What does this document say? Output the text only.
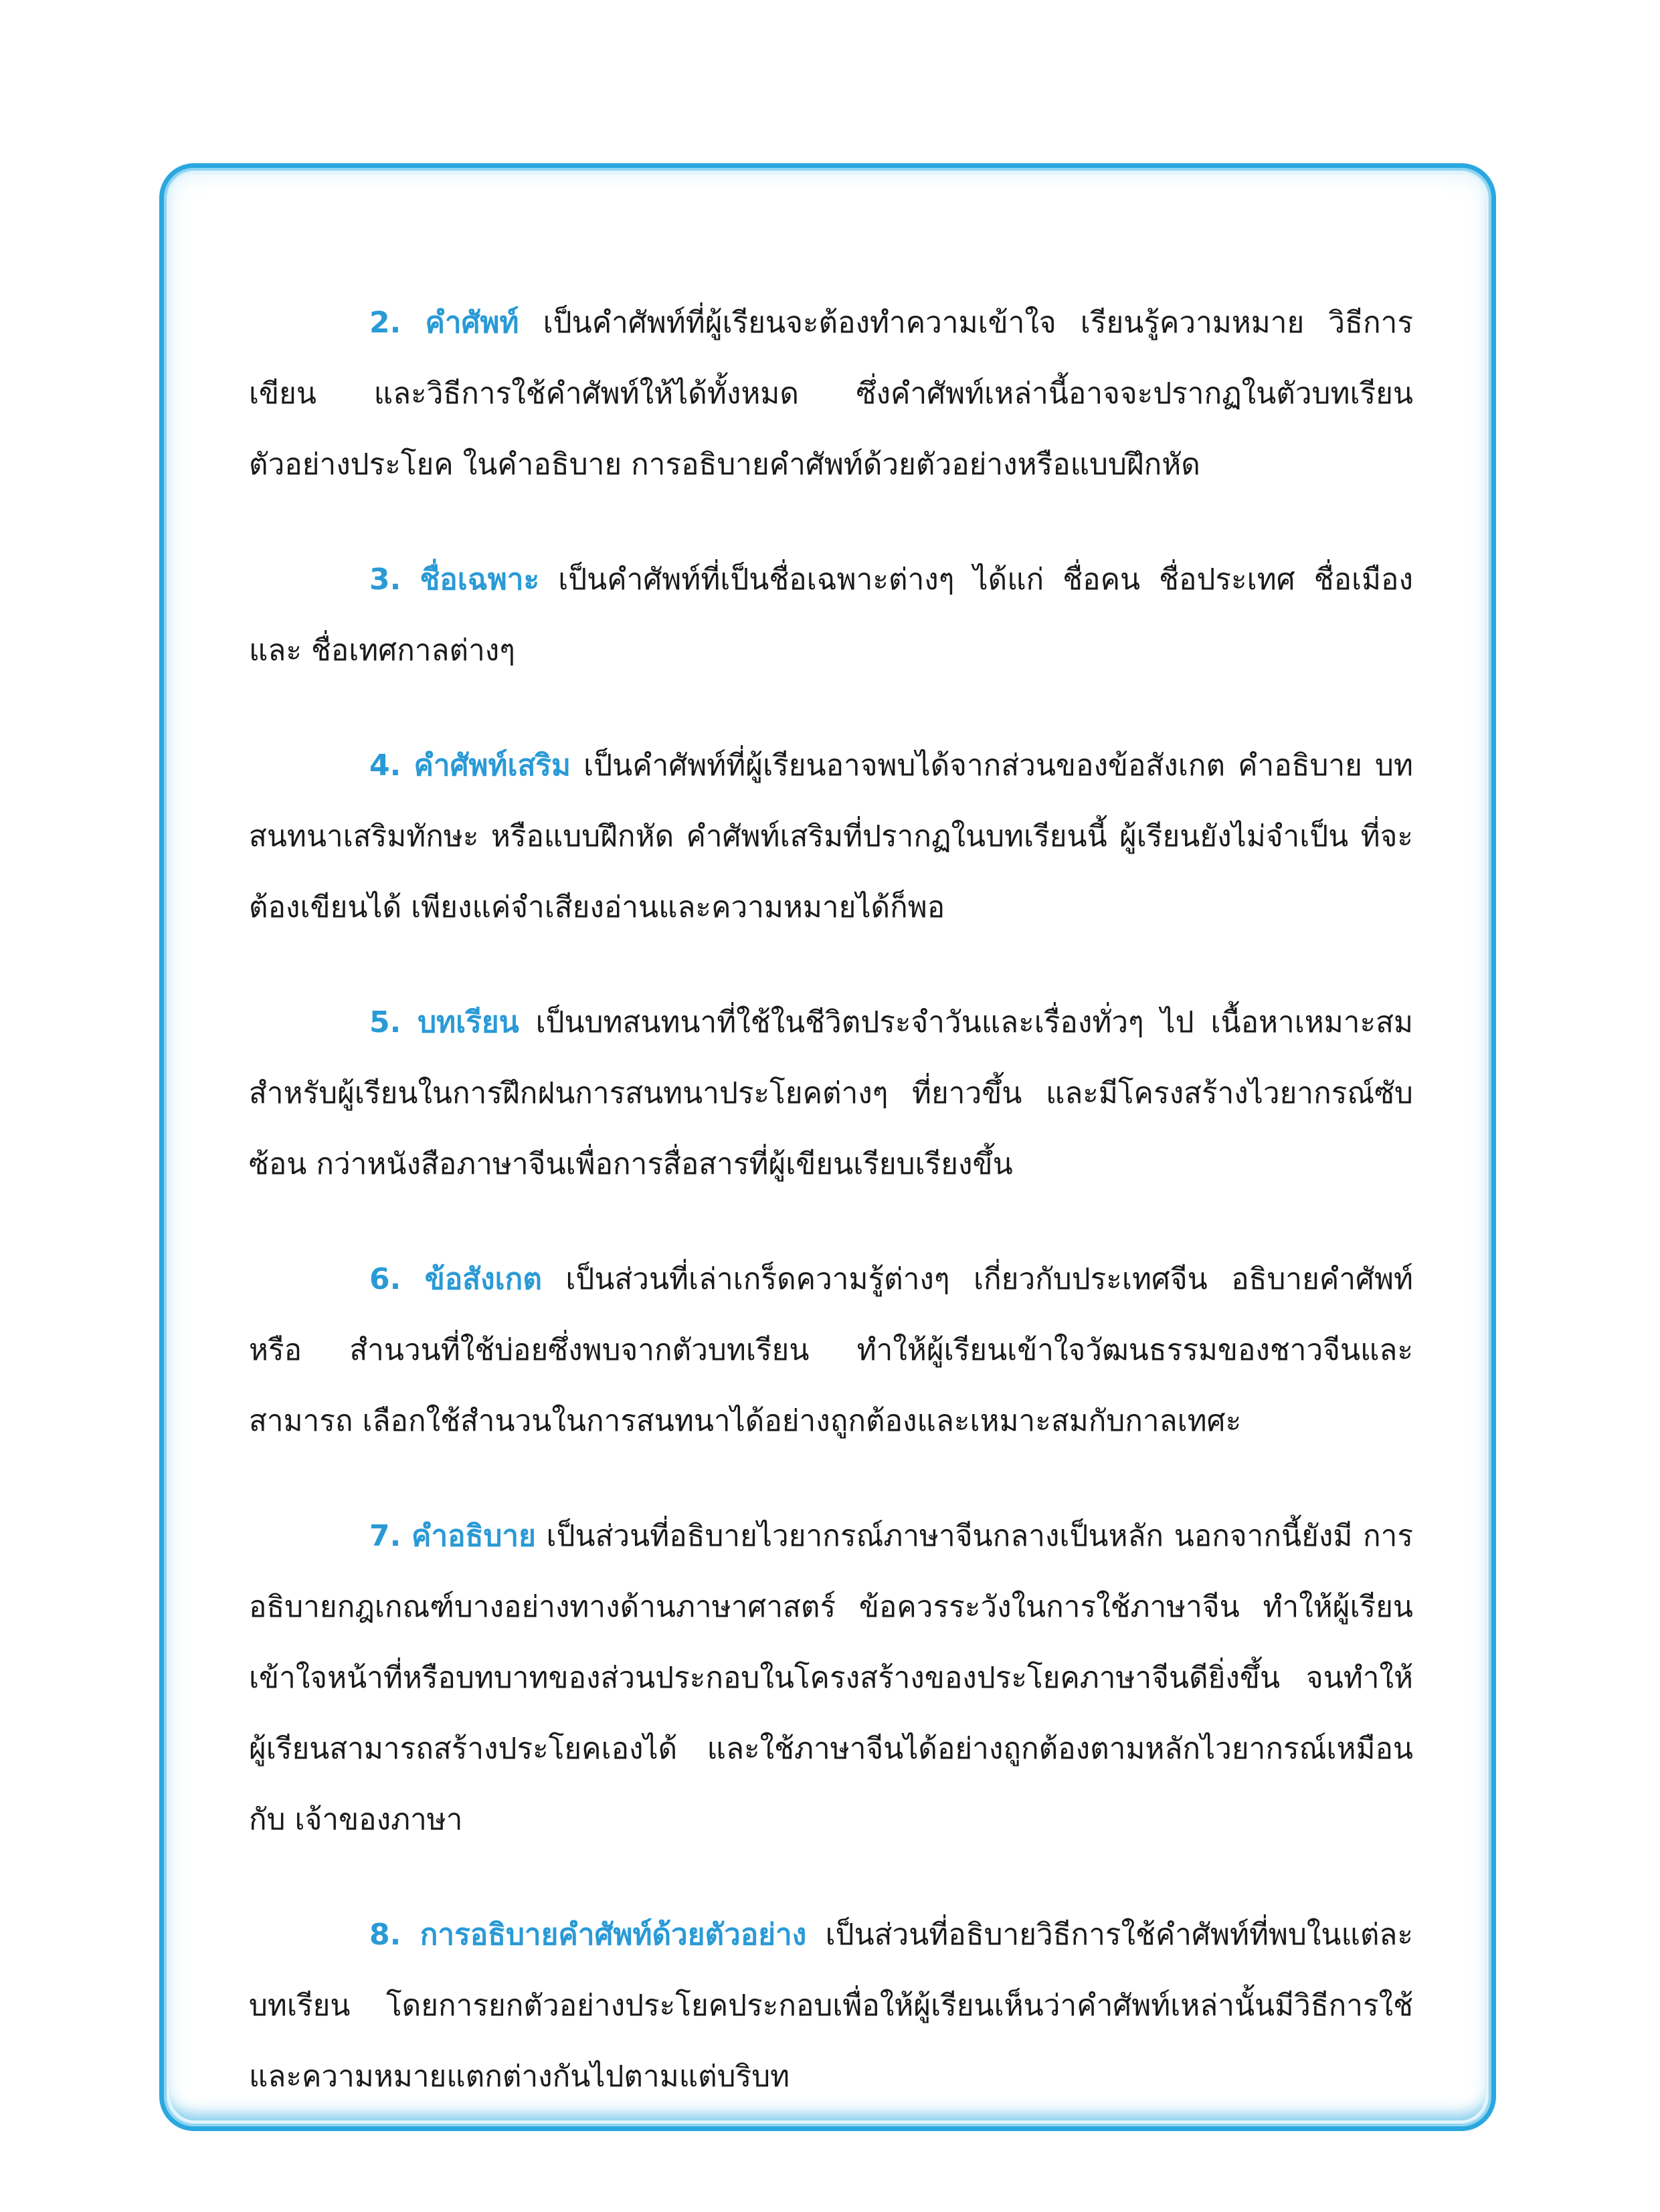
2. คำศัพท์ เป็นคำศัพท์ที่ผู้เรียนจะต้องทำความเข้าใจ เรียนรู้ความหมาย วิธีการเขียน และวิธีการใช้คำศัพท์ให้ได้ทั้งหมด ซึ่งคำศัพท์เหล่านี้อาจจะปรากฏในตัวบทเรียน ตัวอย่างประโยค ในคำอธิบาย การอธิบายคำศัพท์ด้วยตัวอย่างหรือแบบฝึกหัด

3. ชื่อเฉพาะ เป็นคำศัพท์ที่เป็นชื่อเฉพาะต่างๆ ได้แก่ ชื่อคน ชื่อประเทศ ชื่อเมือง และ ชื่อเทศกาลต่างๆ

4. คำศัพท์เสริม เป็นคำศัพท์ที่ผู้เรียนอาจพบได้จากส่วนของข้อสังเกต คำอธิบาย บทสนทนาเสริมทักษะ หรือแบบฝึกหัด คำศัพท์เสริมที่ปรากฏในบทเรียนนี้ ผู้เรียนยังไม่จำเป็น ที่จะต้องเขียนได้ เพียงแค่จำเสียงอ่านและความหมายได้ก็พอ

5. บทเรียน เป็นบทสนทนาที่ใช้ในชีวิตประจำวันและเรื่องทั่วๆ ไป เนื้อหาเหมาะสม สำหรับผู้เรียนในการฝึกฝนการสนทนาประโยคต่างๆ ที่ยาวขึ้น และมีโครงสร้างไวยากรณ์ซับซ้อน กว่าหนังสือภาษาจีนเพื่อการสื่อสารที่ผู้เขียนเรียบเรียงขึ้น

6. ข้อสังเกต เป็นส่วนที่เล่าเกร็ดความรู้ต่างๆ เกี่ยวกับประเทศจีน อธิบายคำศัพท์ หรือ สำนวนที่ใช้บ่อยซึ่งพบจากตัวบทเรียน ทำให้ผู้เรียนเข้าใจวัฒนธรรมของชาวจีนและสามารถ เลือกใช้สำนวนในการสนทนาได้อย่างถูกต้องและเหมาะสมกับกาลเทศะ

7. คำอธิบาย เป็นส่วนที่อธิบายไวยากรณ์ภาษาจีนกลางเป็นหลัก นอกจากนี้ยังมี การอธิบายกฎเกณฑ์บางอย่างทางด้านภาษาศาสตร์ ข้อควรระวังในการใช้ภาษาจีน ทำให้ผู้เรียน เข้าใจหน้าที่หรือบทบาทของส่วนประกอบในโครงสร้างของประโยคภาษาจีนดียิ่งขึ้น จนทำให้ ผู้เรียนสามารถสร้างประโยคเองได้ และใช้ภาษาจีนได้อย่างถูกต้องตามหลักไวยากรณ์เหมือนกับ เจ้าของภาษา

8. การอธิบายคำศัพท์ด้วยตัวอย่าง เป็นส่วนที่อธิบายวิธีการใช้คำศัพท์ที่พบในแต่ละ บทเรียน โดยการยกตัวอย่างประโยคประกอบเพื่อให้ผู้เรียนเห็นว่าคำศัพท์เหล่านั้นมีวิธีการใช้ และความหมายแตกต่างกันไปตามแต่บริบท
